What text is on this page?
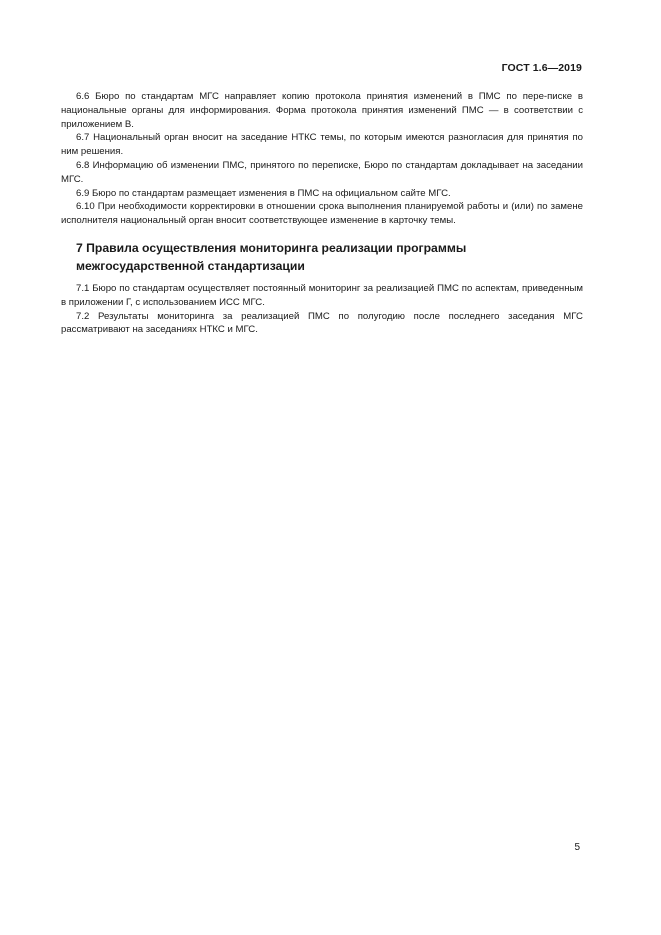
ГОСТ 1.6—2019

6.6 Бюро по стандартам МГС направляет копию протокола принятия изменений в ПМС по пере-писке в национальные органы для информирования. Форма протокола принятия изменений ПМС — в соответствии с приложением В.

6.7 Национальный орган вносит на заседание НТКС темы, по которым имеются разногласия для принятия по ним решения.

6.8 Информацию об изменении ПМС, принятого по переписке, Бюро по стандартам докладывает на заседании МГС.

6.9 Бюро по стандартам размещает изменения в ПМС на официальном сайте МГС.

6.10 При необходимости корректировки в отношении срока выполнения планируемой работы и (или) по замене исполнителя национальный орган вносит соответствующее изменение в карточку темы.

7 Правила осуществления мониторинга реализации программы межгосударственной стандартизации

7.1 Бюро по стандартам осуществляет постоянный мониторинг за реализацией ПМС по аспектам, приведенным в приложении Г, с использованием ИСС МГС.

7.2 Результаты мониторинга за реализацией ПМС по полугодию после последнего заседания МГС рассматривают на заседаниях НТКС и МГС.

5
